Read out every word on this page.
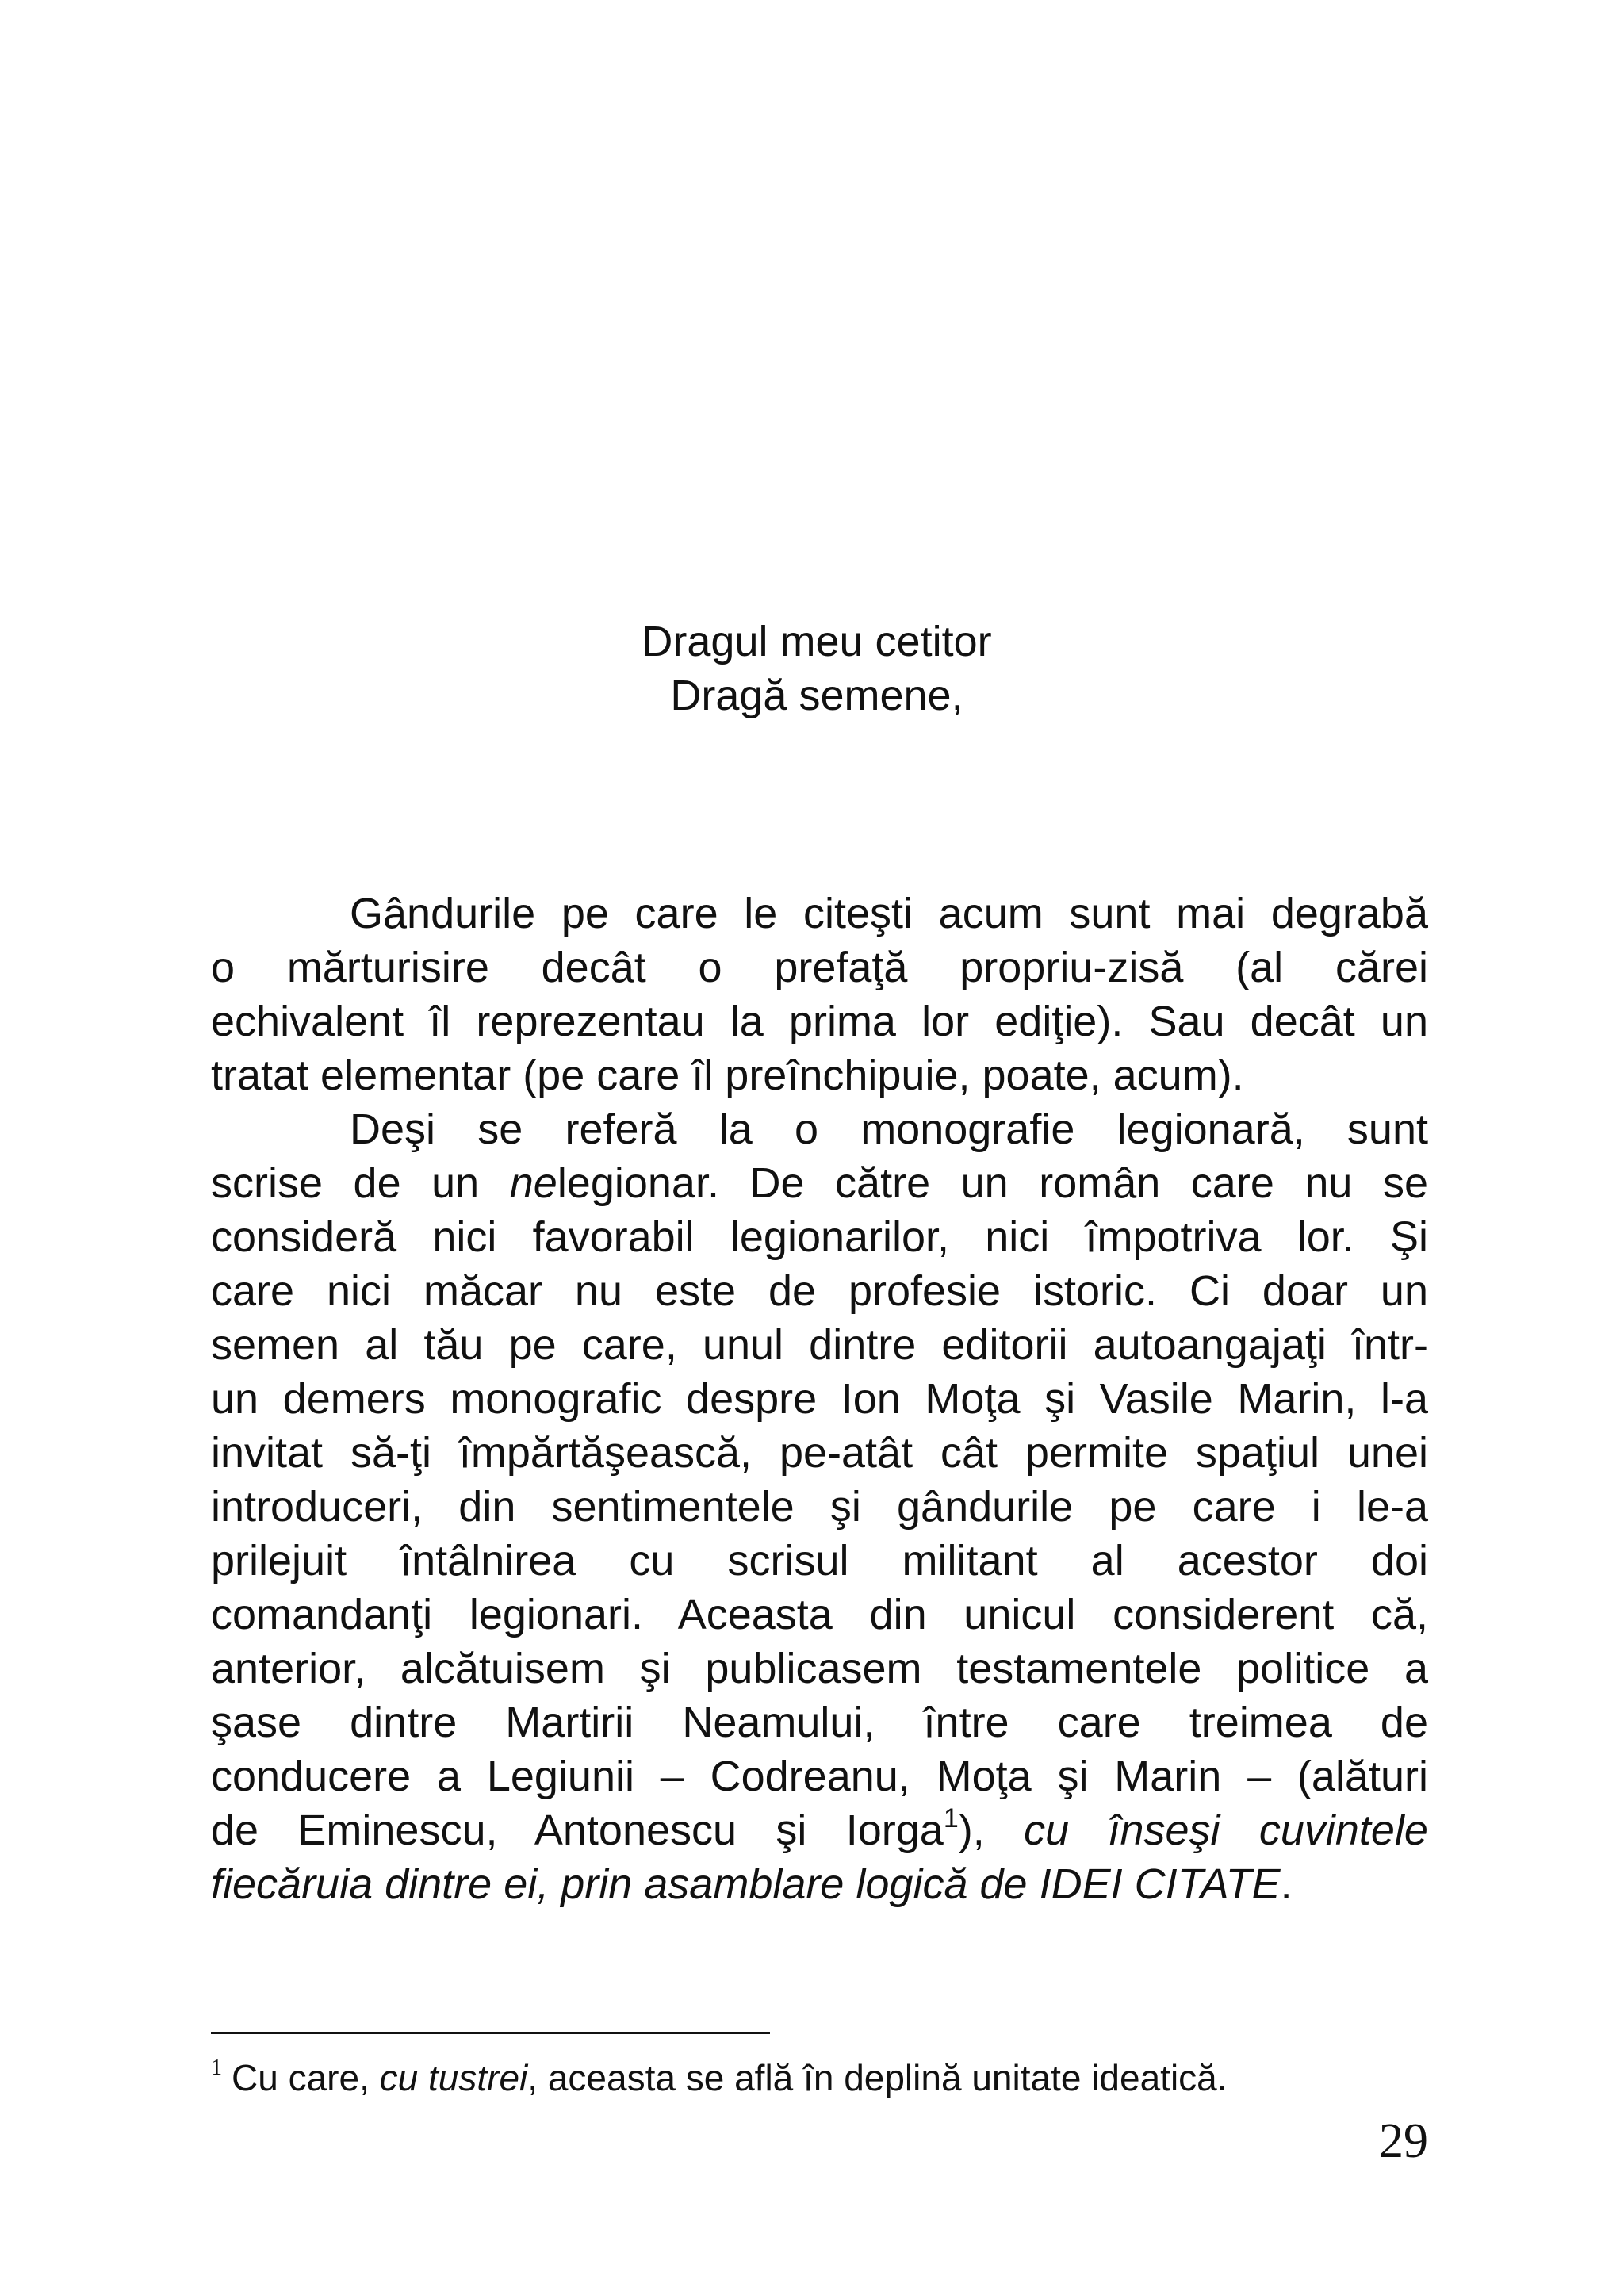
Dragul meu cetitor
Dragă semene,
Gândurile pe care le citeşti acum sunt mai degrabă
o mărturisire decât o prefaţă propriu-zisă (al cărei
echivalent îl reprezentau la prima lor ediţie). Sau decât un
tratat elementar (pe care îl preînchipuie, poate, acum).
Deşi se referă la o monografie legionară, sunt
scrise de un nelegionar. De către un român care nu se
consideră nici favorabil legionarilor, nici împotriva lor. Şi
care nici măcar nu este de profesie istoric. Ci doar un
semen al tău pe care, unul dintre editorii autoangajaţi într-
un demers monografic despre Ion Moţa şi Vasile Marin, l-a
invitat să-ţi împărtăşească, pe-atât cât permite spaţiul unei
introduceri, din sentimentele şi gândurile pe care i le-a
prilejuit întâlnirea cu scrisul militant al acestor doi
comandanţi legionari. Aceasta din unicul considerent că,
anterior, alcătuisem şi publicasem testamentele politice a
şase dintre Martirii Neamului, între care treimea de
conducere a Legiunii – Codreanu, Moţa şi Marin – (alături
de Eminescu, Antonescu şi Iorga$^1$), cu înseşi cuvintele
fiecăruia dintre ei, prin asamblare logică de IDEI CITATE.
$^1$ Cu care, cu tustrei, aceasta se află în deplină unitate ideatică.
29
